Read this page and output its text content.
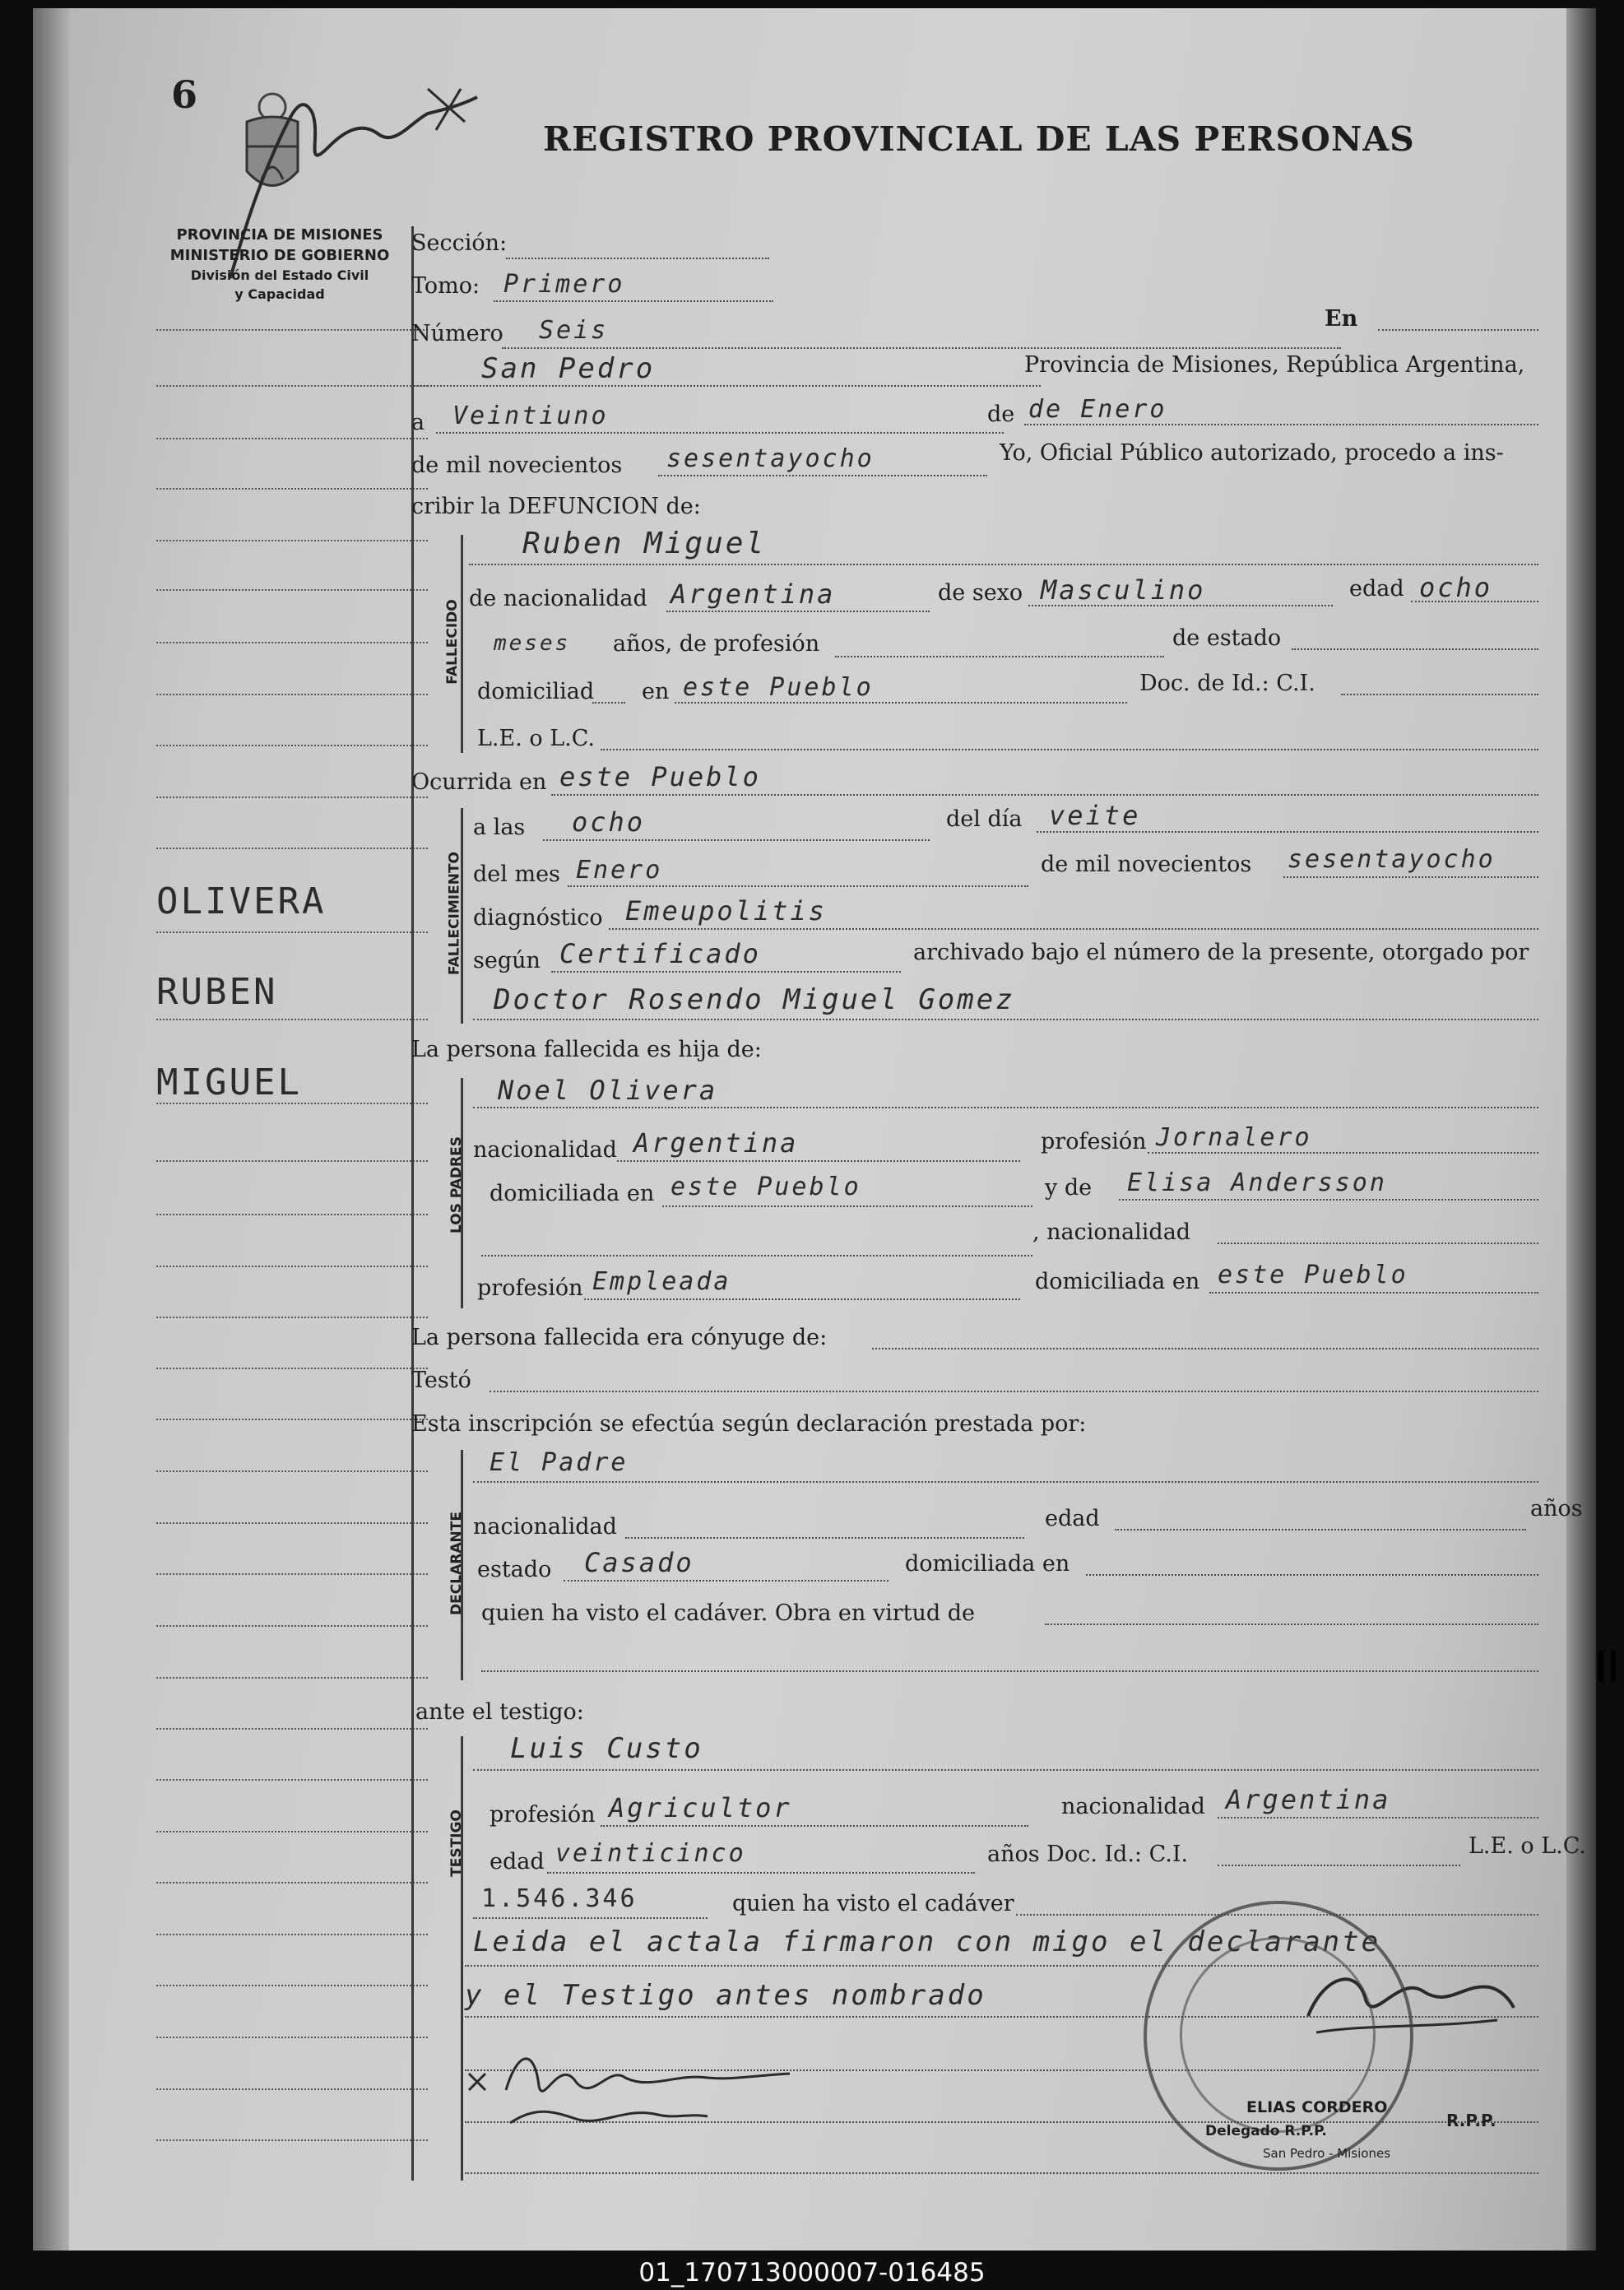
6
REGISTRO PROVINCIAL DE LAS PERSONAS
PROVINCIA DE MISIONES
MINISTERIO DE GOBIERNO
División del Estado Civil
y Capacidad
OLIVERA
RUBEN
MIGUEL
Sección:
Tomo: Primero
Número Seis	En
San Pedro	Provincia de Misiones, República Argentina,
a Veintiuno	de de Enero
de mil novecientos sesentayocho	Yo, Oficial Público autorizado, procedo a ins-
cribir la DEFUNCION de:
FALLECIDO
Ruben Miguel
de nacionalidad Argentina	de sexo Masculino	edad ocho
meses años, de profesión	de estado
domiciliad en este Pueblo	Doc. de Id.: C.I.
L.E. o L.C.
Ocurrida en este Pueblo
FALLECIMIENTO
a las ocho	del día veite
del mes Enero	de mil novecientos sesentayocho
diagnóstico Emeupolitis
según Certificado	archivado bajo el número de la presente, otorgado por
Doctor Rosendo Miguel Gomez
La persona fallecida es hija de:
LOS PADRES
Noel Olivera
nacionalidad Argentina	profesión Jornalero
domiciliada en este Pueblo	y de Elisa Andersson
, nacionalidad
profesión Empleada	domiciliada en este Pueblo
La persona fallecida era cónyuge de:
Testó
Esta inscripción se efectúa según declaración prestada por:
DECLARANTE
El Padre
nacionalidad	edad	años
estado Casado	domiciliada en
quien ha visto el cadáver. Obra en virtud de
ante el testigo:
TESTIGO
Luis Custo
profesión Agricultor	nacionalidad Argentina
edad veinticinco	años Doc. Id.: C.I.	L.E. o L.C.
1.546.346	quien ha visto el cadáver
Leida el actala firmaron con migo el declarante
y el Testigo antes nombrado
ELIAS CORDERO
Delegado R.P.P.
San Pedro - Misiones
R.P.P.
01_170713000007-016485
